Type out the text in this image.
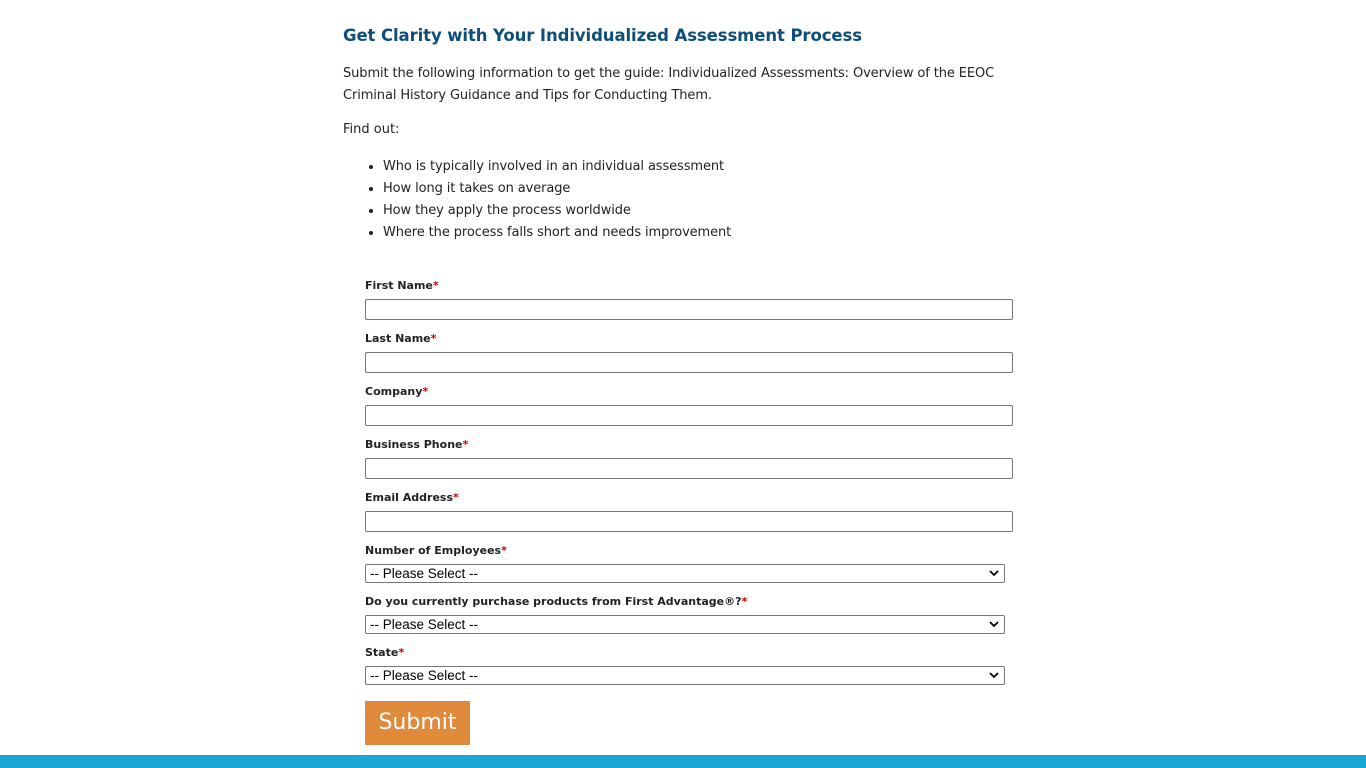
Get Clarity with Your Individualized Assessment Process

Submit the following information to get the guide: Individualized Assessments: Overview of the EEOC Criminal History Guidance and Tips for Conducting Them.

Find out:

• Who is typically involved in an individual assessment
• How long it takes on average
• How they apply the process worldwide
• Where the process falls short and needs improvement
First Name*
Last Name*
Company*
Business Phone*
Email Address*
Number of Employees*
-- Please Select --
Do you currently purchase products from First Advantage®?*
-- Please Select --
State*
-- Please Select --
Submit
